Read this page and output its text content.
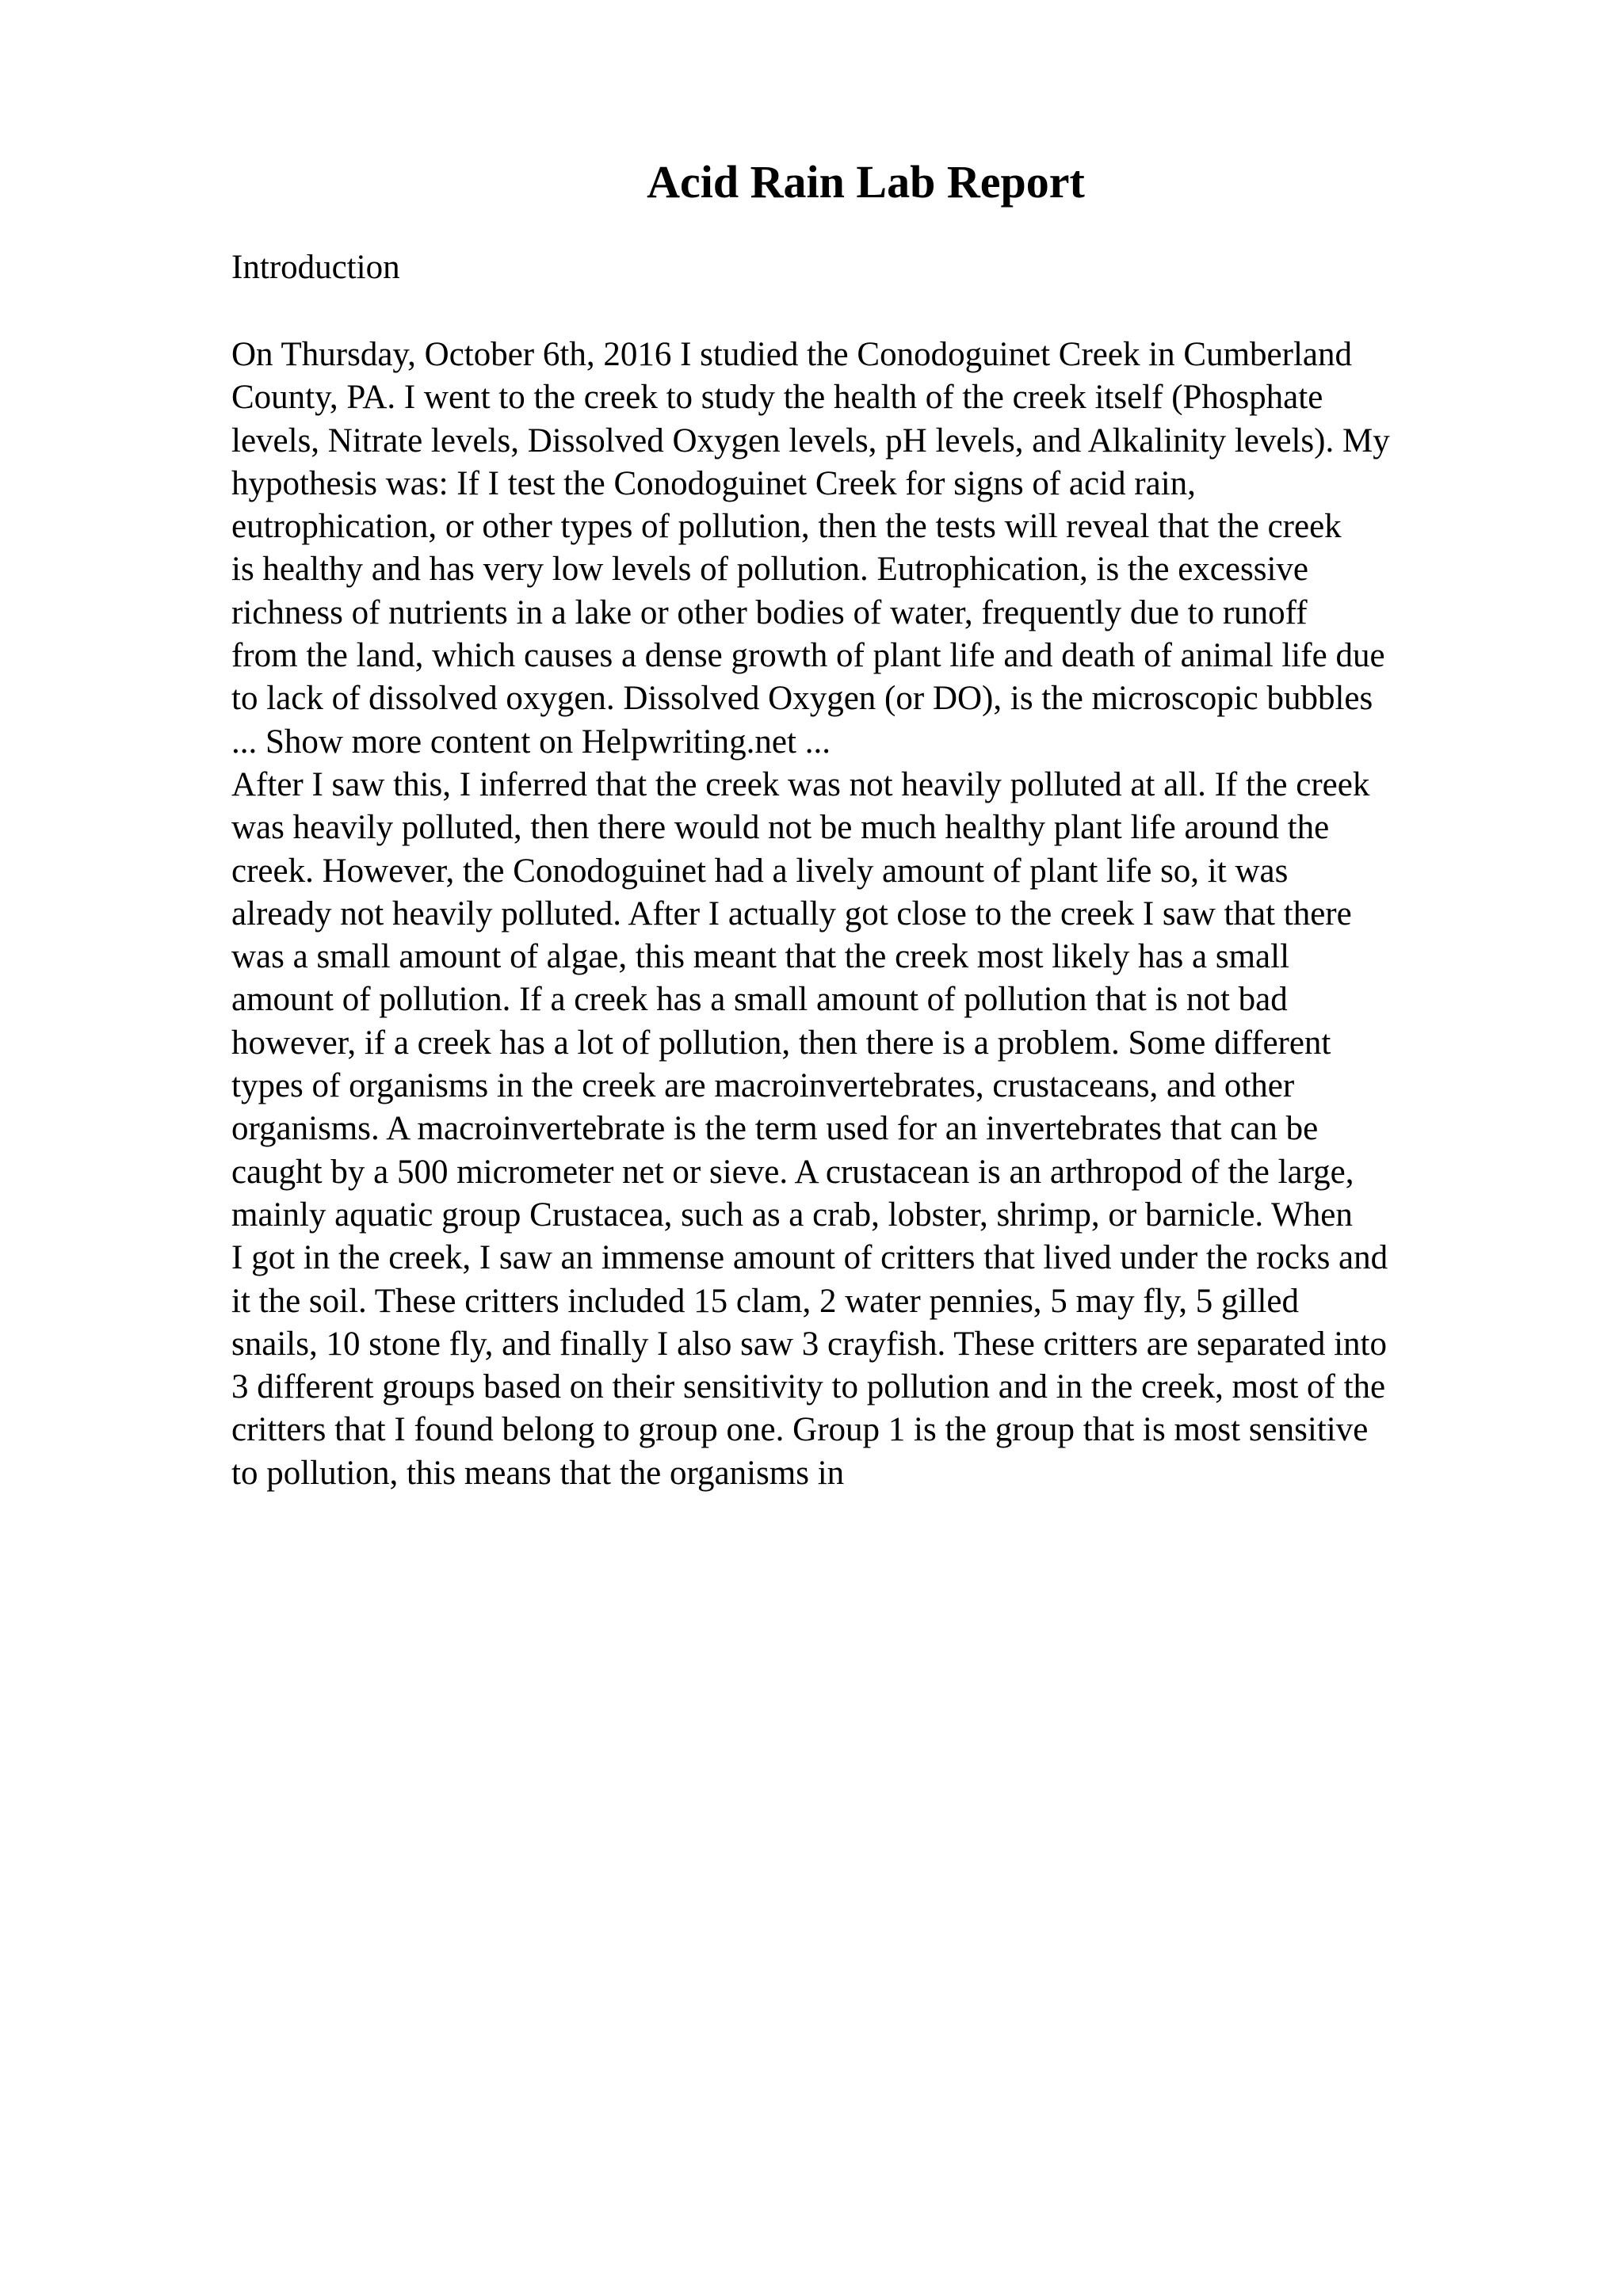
Acid Rain Lab Report
Introduction
On Thursday, October 6th, 2016 I studied the Conodoguinet Creek in Cumberland
County, PA. I went to the creek to study the health of the creek itself (Phosphate
levels, Nitrate levels, Dissolved Oxygen levels, pH levels, and Alkalinity levels). My
hypothesis was: If I test the Conodoguinet Creek for signs of acid rain,
eutrophication, or other types of pollution, then the tests will reveal that the creek
is healthy and has very low levels of pollution. Eutrophication, is the excessive
richness of nutrients in a lake or other bodies of water, frequently due to runoff
from the land, which causes a dense growth of plant life and death of animal life due
to lack of dissolved oxygen. Dissolved Oxygen (or DO), is the microscopic bubbles
... Show more content on Helpwriting.net ...
After I saw this, I inferred that the creek was not heavily polluted at all. If the creek
was heavily polluted, then there would not be much healthy plant life around the
creek. However, the Conodoguinet had a lively amount of plant life so, it was
already not heavily polluted. After I actually got close to the creek I saw that there
was a small amount of algae, this meant that the creek most likely has a small
amount of pollution. If a creek has a small amount of pollution that is not bad
however, if a creek has a lot of pollution, then there is a problem. Some different
types of organisms in the creek are macroinvertebrates, crustaceans, and other
organisms. A macroinvertebrate is the term used for an invertebrates that can be
caught by a 500 micrometer net or sieve. A crustacean is an arthropod of the large,
mainly aquatic group Crustacea, such as a crab, lobster, shrimp, or barnicle. When
I got in the creek, I saw an immense amount of critters that lived under the rocks and
it the soil. These critters included 15 clam, 2 water pennies, 5 may fly, 5 gilled
snails, 10 stone fly, and finally I also saw 3 crayfish. These critters are separated into
3 different groups based on their sensitivity to pollution and in the creek, most of the
critters that I found belong to group one. Group 1 is the group that is most sensitive
to pollution, this means that the organisms in
